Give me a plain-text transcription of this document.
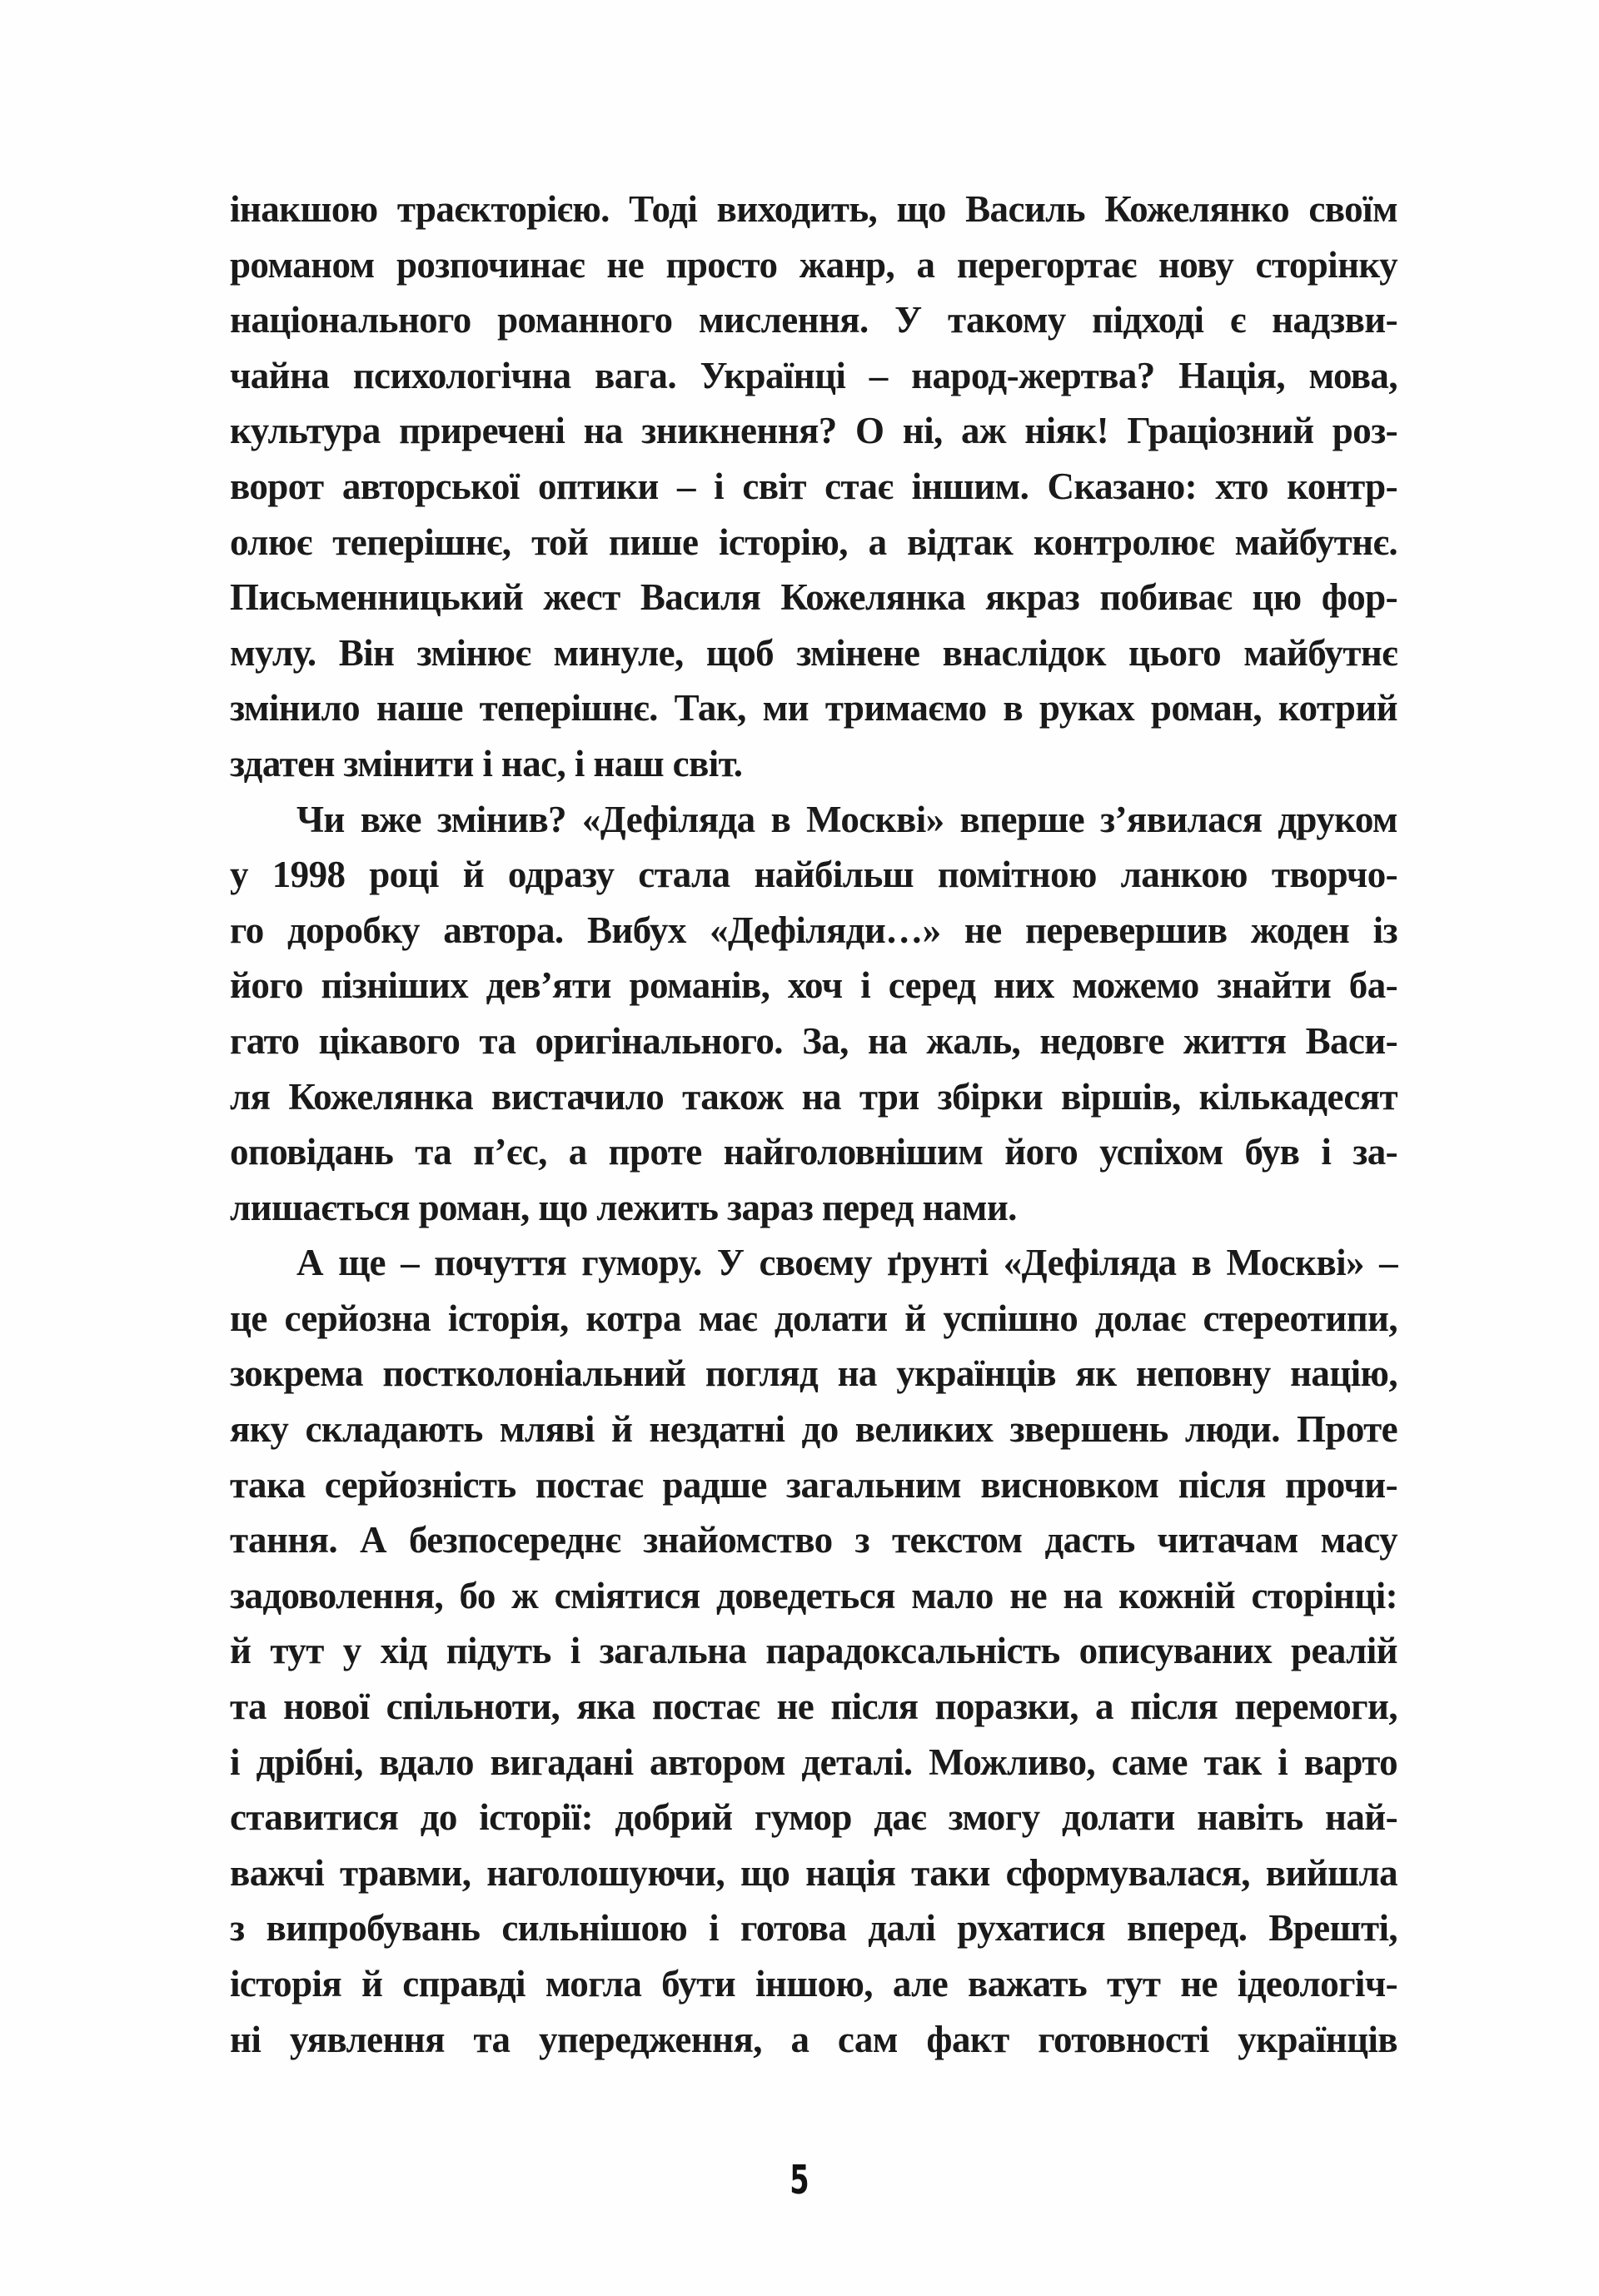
інакшою траєкторією. Тоді виходить, що Василь Кожелянко своїм
романом розпочинає не просто жанр, а перегортає нову сторінку
національного романного мислення. У такому підході є надзви-
чайна психологічна вага. Українці – народ-жертва? Нація, мова,
культура приречені на зникнення? О ні, аж ніяк! Граціозний роз-
ворот авторської оптики – і світ стає іншим. Сказано: хто контр-
олює теперішнє, той пише історію, а відтак контролює майбутнє.
Письменницький жест Василя Кожелянка якраз побиває цю фор-
мулу. Він змінює минуле, щоб змінене внаслідок цього майбутнє
змінило наше теперішнє. Так, ми тримаємо в руках роман, котрий
здатен змінити і нас, і наш світ.
Чи вже змінив? «Дефіляда в Москві» вперше з’явилася друком
у 1998 році й одразу стала найбільш помітною ланкою творчо-
го доробку автора. Вибух «Дефіляди…» не перевершив жоден із
його пізніших дев’яти романів, хоч і серед них можемо знайти ба-
гато цікавого та оригінального. За, на жаль, недовге життя Васи-
ля Кожелянка вистачило також на три збірки віршів, кількадесят
оповідань та п’єс, а проте найголовнішим його успіхом був і за-
лишається роман, що лежить зараз перед нами.
А ще – почуття гумору. У своєму ґрунті «Дефіляда в Москві» –
це серйозна історія, котра має долати й успішно долає стереотипи,
зокрема постколоніальний погляд на українців як неповну націю,
яку складають мляві й нездатні до великих звершень люди. Проте
така серйозність постає радше загальним висновком після прочи-
тання. А безпосереднє знайомство з текстом дасть читачам масу
задоволення, бо ж сміятися доведеться мало не на кожній сторінці:
й тут у хід підуть і загальна парадоксальність описуваних реалій
та нової спільноти, яка постає не після поразки, а після перемоги,
і дрібні, вдало вигадані автором деталі. Можливо, саме так і варто
ставитися до історії: добрий гумор дає змогу долати навіть най-
важчі травми, наголошуючи, що нація таки сформувалася, вийшла
з випробувань сильнішою і готова далі рухатися вперед. Врешті,
історія й справді могла бути іншою, але важать тут не ідеологіч-
ні уявлення та упередження, а сам факт готовності українців
5
